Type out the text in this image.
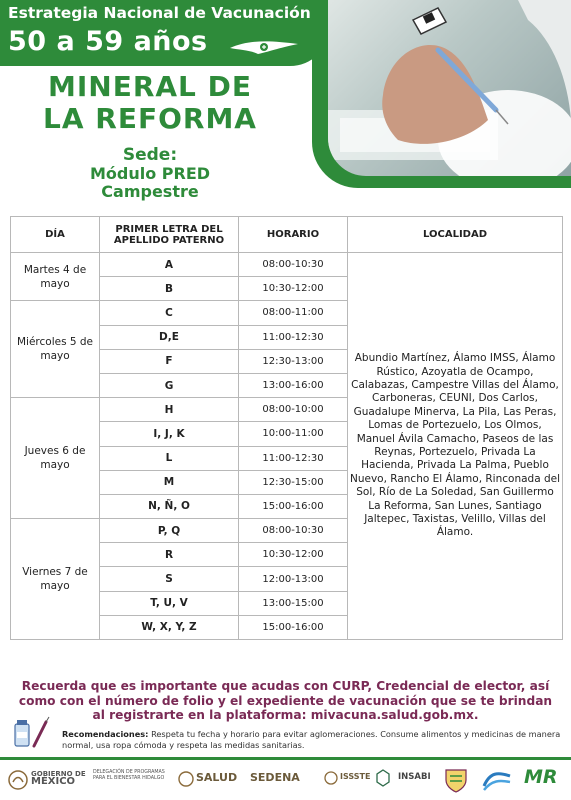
Estrategia Nacional de Vacunación
50 a 59 años
MINERAL DE
LA REFORMA
Sede:
Módulo PRED
Campestre
DÍA	PRIMER LETRA DEL APELLIDO PATERNO	HORARIO	LOCALIDAD
Martes 4 de mayo	A	08:00-10:30	Abundio Martínez, Álamo IMSS, Álamo Rústico, Azoyatla de Ocampo, Calabazas, Campestre Villas del Álamo, Carboneras, CEUNI, Dos Carlos, Guadalupe Minerva, La Pila, Las Peras, Lomas de Portezuelo, Los Olmos, Manuel Ávila Camacho, Paseos de las Reynas, Portezuelo, Privada La Hacienda, Privada La Palma, Pueblo Nuevo, Rancho El Álamo, Rinconada del Sol, Río de La Soledad, San Guillermo La Reforma, San Lunes, Santiago Jaltepec, Taxistas, Velillo, Villas del Álamo.
	B	10:30-12:00	
Miércoles 5 de mayo	C	08:00-11:00	
	D,E	11:00-12:30	
	F	12:30-13:00	
	G	13:00-16:00	
Jueves 6 de mayo	H	08:00-10:00	
	I, J, K	10:00-11:00	
	L	11:00-12:30	
	M	12:30-15:00	
	N, Ñ, O	15:00-16:00	
Viernes 7 de mayo	P, Q	08:00-10:30	
	R	10:30-12:00	
	S	12:00-13:00	
	T, U, V	13:00-15:00	
	W, X, Y, Z	15:00-16:00	
Recuerda que es importante que acudas con CURP, Credencial de elector, así como con el número de folio y el expediente de vacunación que se te brindan al registrarte en la plataforma: mivacuna.salud.gob.mx.
Recomendaciones: Respeta tu fecha y horario para evitar aglomeraciones. Consume alimentos y medicinas de manera normal, usa ropa cómoda y respeta las medidas sanitarias.
GOBIERNO DE
MÉXICO
DELEGACIÓN DE PROGRAMAS PARA EL BIENESTAR HIDALGO	SALUD SEDENA	ISSSTE	INSABI	MR
